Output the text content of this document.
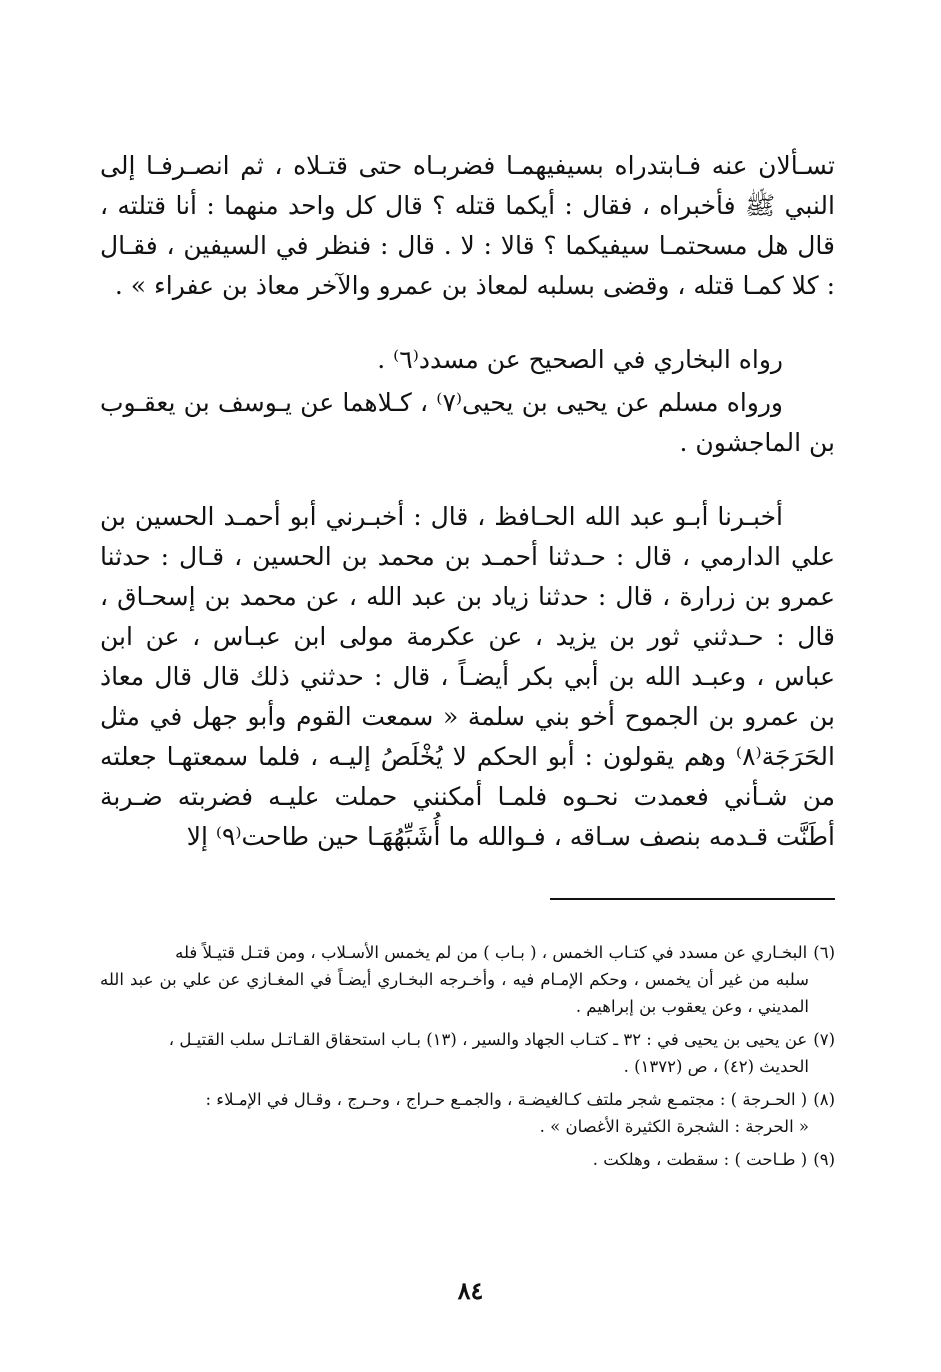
تسـألان عنه فـابتدراه بسيفيهمـا فضربـاه حتى قتـلاه ، ثم انصـرفـا إلى النبي ﷺ فأخبراه ، فقال : أيكما قتله ؟ قال كل واحد منهما : أنا قتلته ، قال هل مسحتمـا سيفيكما ؟ قالا : لا . قال : فنظر في السيفين ، فقـال : كلا كمـا قتله ، وقضى بسلبه لمعاذ بن عمرو والآخر معاذ بن عفراء » .

رواه البخاري في الصحيح عن مسدد⁽٦⁾ .

ورواه مسلم عن يحيى بن يحيى⁽٧⁾ ، كـلاهما عن يـوسف بن يعقـوب بن الماجشون .

أخبـرنا أبـو عبد الله الحـافظ ، قال : أخبـرني أبو أحمـد الحسين بن علي الدارمي ، قال : حـدثنا أحمـد بن محمد بن الحسين ، قـال : حدثنا عمرو بن زرارة ، قال : حدثنا زياد بن عبد الله ، عن محمد بن إسحـاق ، قال : حـدثني ثور بن يزيد ، عن عكرمة مولى ابن عبـاس ، عن ابن عباس ، وعبـد الله بن أبي بكر أيضـاً ، قال : حدثني ذلك قال قال معاذ بن عمرو بن الجموح أخو بني سلمة « سمعت القوم وأبو جهل في مثل الحَرَجَة⁽٨⁾ وهم يقولون : أبو الحكم لا يُخْلَصُ إليـه ، فلما سمعتهـا جعلته من شـأني فعمدت نحـوه فلمـا أمكنني حملت عليـه فضربته ضـربة أطَنَّت قـدمه بنصف سـاقه ، فـوالله ما أُشَبِّهُهَـا حين طاحت⁽٩⁾ إلا

(٦)البخـاري عن مسدد في كتـاب الخمس ، ( بـاب ) من لم يخمس الأسـلاب ، ومن قتـل قتيـلاً فله
سلبه من غير أن يخمس ، وحكم الإمـام فيه ، وأخـرجه البخـاري أيضـاً في المغـازي عن علي بن عبد الله المديني ، وعن يعقوب بن إبراهيم .
(٧)عن يحيى بن يحيى في : ٣٢ ـ كتـاب الجهاد والسير ، (١٣) بـاب استحقاق القـاتـل سلب القتيـل ،
الحديث (٤٢) ، ص (١٣٧٢) .
(٨)( الحـرجة ) : مجتمـع شجر ملتف كـالغيضـة ، والجمـع حـراج ، وحـرج ، وقـال في الإمـلاء :
« الحرجة : الشجرة الكثيرة الأغصان » .
(٩)( طـاحت ) : سقطت ، وهلكت .
٨٤
